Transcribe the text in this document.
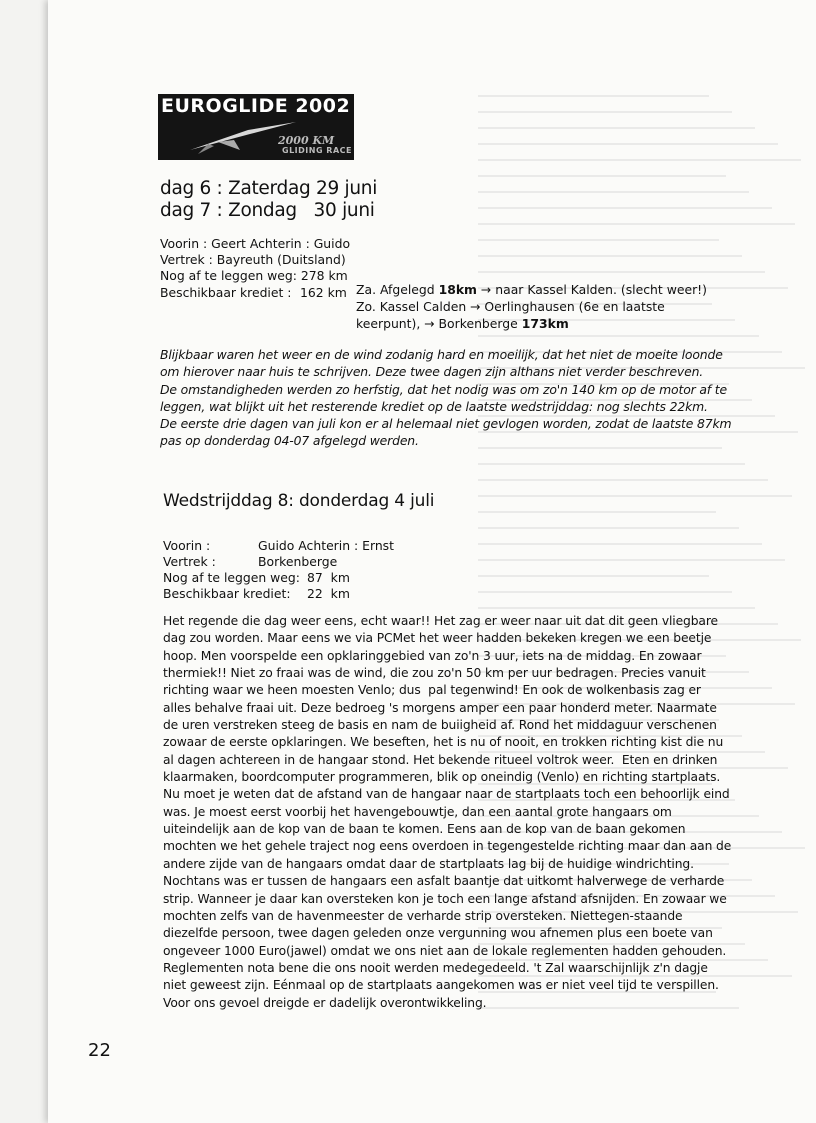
EUROGLIDE 2002
2000 KM
GLIDING RACE
dag 6 : Zaterdag 29 juni
dag 7 : Zondag   30 juni
Voorin : Geert Achterin : Guido
Vertrek : Bayreuth (Duitsland)
Nog af te leggen weg: 278 km
Beschikbaar krediet : 162 km Za. Afgelegd 18km → naar Kassel Kalden. (slecht weer!)
Zo. Kassel Calden → Oerlinghausen (6e en laatste
keerpunt), → Borkenberge 173km

Blijkbaar waren het weer en de wind zodanig hard en moeilijk, dat het niet de moeite loonde

om hierover naar huis te schrijven. Deze twee dagen zijn althans niet verder beschreven.

De omstandigheden werden zo herfstig, dat het nodig was om zo'n 140 km op de motor af te

leggen, wat blijkt uit het resterende krediet op de laatste wedstrijddag: nog slechts 22km.

De eerste drie dagen van juli kon er al helemaal niet gevlogen worden, zodat de laatste 87km

pas op donderdag 04-07 afgelegd werden.

Wedstrijddag 8: donderdag 4 juli
Voorin :	Guido Achterin : Ernst
Vertrek :	Borkenberge
Nog af te leggen weg: 87  km
Beschikbaar krediet: 22  km

Het regende die dag weer eens, echt waar!! Het zag er weer naar uit dat dit geen vliegbare

dag zou worden. Maar eens we via PCMet het weer hadden bekeken kregen we een beetje

hoop. Men voorspelde een opklaringgebied van zo'n 3 uur, iets na de middag. En zowaar

thermiek!! Niet zo fraai was de wind, die zou zo'n 50 km per uur bedragen. Precies vanuit

richting waar we heen moesten Venlo; dus  pal tegenwind! En ook de wolkenbasis zag er

alles behalve fraai uit. Deze bedroeg 's morgens amper een paar honderd meter. Naarmate

de uren verstreken steeg de basis en nam de buiigheid af. Rond het middaguur verschenen

zowaar de eerste opklaringen. We beseften, het is nu of nooit, en trokken richting kist die nu

al dagen achtereen in de hangaar stond. Het bekende ritueel voltrok weer.  Eten en drinken

klaarmaken, boordcomputer programmeren, blik op oneindig (Venlo) en richting startplaats.

Nu moet je weten dat de afstand van de hangaar naar de startplaats toch een behoorlijk eind

was. Je moest eerst voorbij het havengebouwtje, dan een aantal grote hangaars om

uiteindelijk aan de kop van de baan te komen. Eens aan de kop van de baan gekomen

mochten we het gehele traject nog eens overdoen in tegengestelde richting maar dan aan de

andere zijde van de hangaars omdat daar de startplaats lag bij de huidige windrichting.

Nochtans was er tussen de hangaars een asfalt baantje dat uitkomt halverwege de verharde

strip. Wanneer je daar kan oversteken kon je toch een lange afstand afsnijden. En zowaar we

mochten zelfs van de havenmeester de verharde strip oversteken. Niettegen-staande

diezelfde persoon, twee dagen geleden onze vergunning wou afnemen plus een boete van

ongeveer 1000 Euro(jawel) omdat we ons niet aan de lokale reglementen hadden gehouden.

Reglementen nota bene die ons nooit werden medegedeeld. 't Zal waarschijnlijk z'n dagje

niet geweest zijn. Eénmaal op de startplaats aangekomen was er niet veel tijd te verspillen.

Voor ons gevoel dreigde er dadelijk overontwikkeling.

22
